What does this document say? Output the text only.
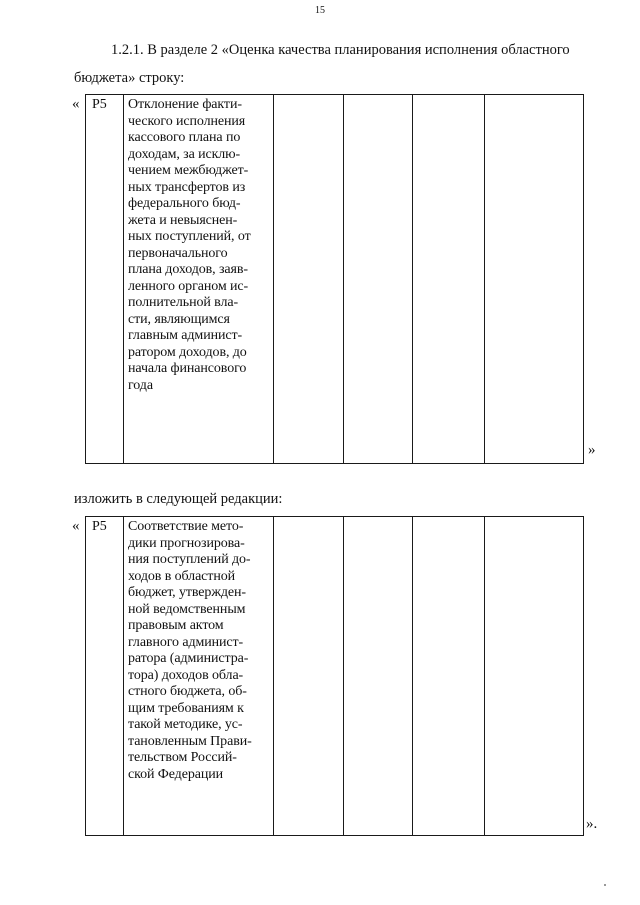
15

1.2.1. В разделе 2 «Оценка качества планирования исполнения областного

бюджета» строку:

« Р5	Отклонение факти-
ческого исполнения
кассового плана по
доходам, за исклю-
чением межбюджет-
ных трансфертов из
федерального бюд-
жета и невыяснен-
ных поступлений, от
первоначального
плана доходов, заяв-
ленного органом ис-
полнительной вла-
сти, являющимся
главным админист-
ратором доходов, до
начала финансового
года

»

изложить в следующей редакции:

« Р5	Соответствие мето-
дики прогнозирова-
ния поступлений до-
ходов в областной
бюджет, утвержден-
ной ведомственным
правовым актом
главного админист-
ратора (администра-
тора) доходов обла-
стного бюджета, об-
щим требованиям к
такой методике, ус-
тановленным Прави-
тельством Россий-
ской Федерации

».
